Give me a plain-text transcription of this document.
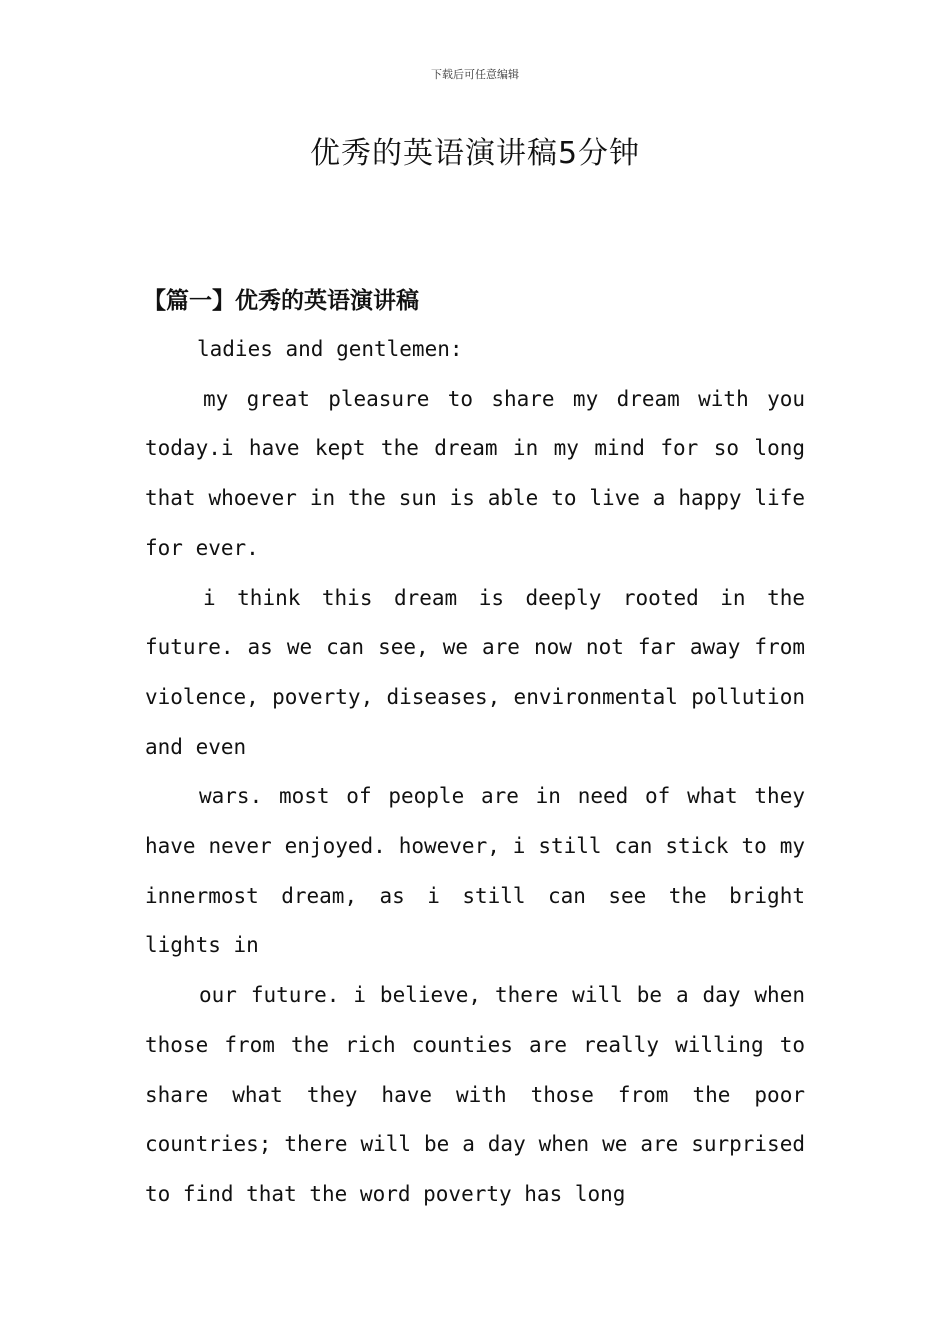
下载后可任意编辑
优秀的英语演讲稿5分钟
【篇一】优秀的英语演讲稿

ladies and gentlemen:

my great pleasure to share my dream with you today.i have kept the dream in my mind for so long that whoever in the sun is able to live a happy life for ever.

i think this dream is deeply rooted in the future. as we can see, we are now not far away from violence, poverty, diseases, environmental pollution and even

wars. most of people are in need of what they have never enjoyed. however, i still can stick to my innermost dream, as i still can see the bright lights in

our future. i believe, there will be a day when those from the rich counties are really willing to share what they have with those from the poor countries; there will be a day when we are surprised to find that the word poverty has long
